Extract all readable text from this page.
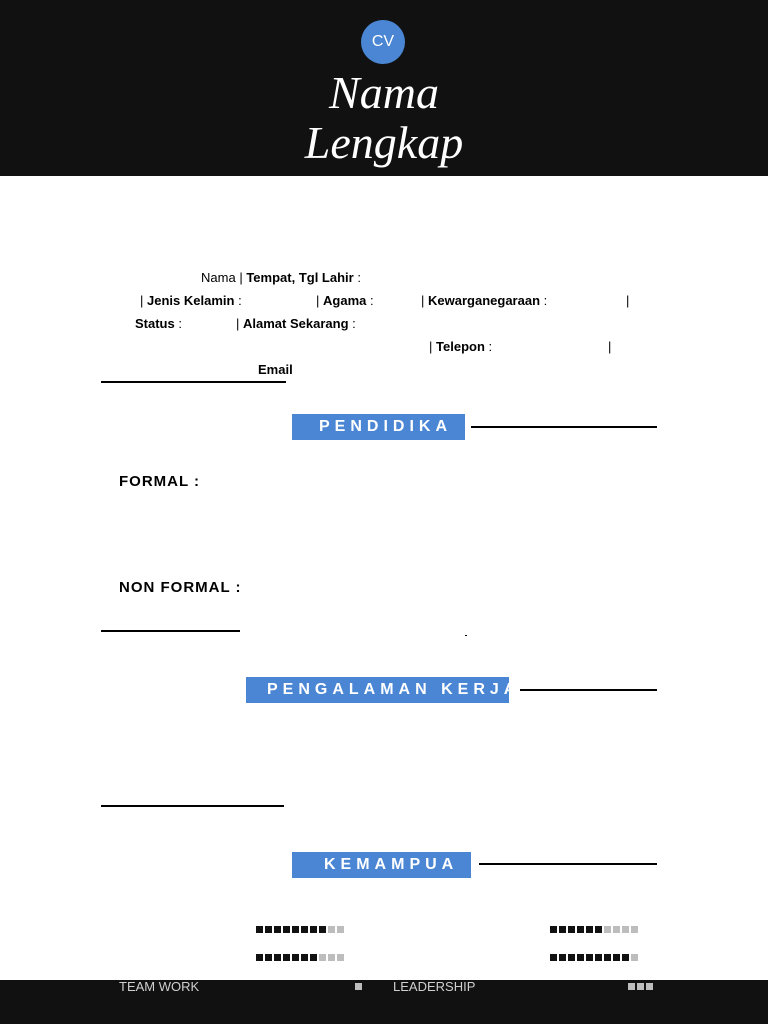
CV
Nama
Lengkap
Nama | Tempat, Tgl Lahir :
| Jenis Kelamin :	| Agama :	| Kewarganegaraan :	|
Status :	| Alamat Sekarang :
| Telepon :	|
Email
PENDIDIKAN
FORMAL :
NON FORMAL :
PENGALAMAN KERJA
KEMAMPUAN
TEAM WORK	LEADERSHIP
